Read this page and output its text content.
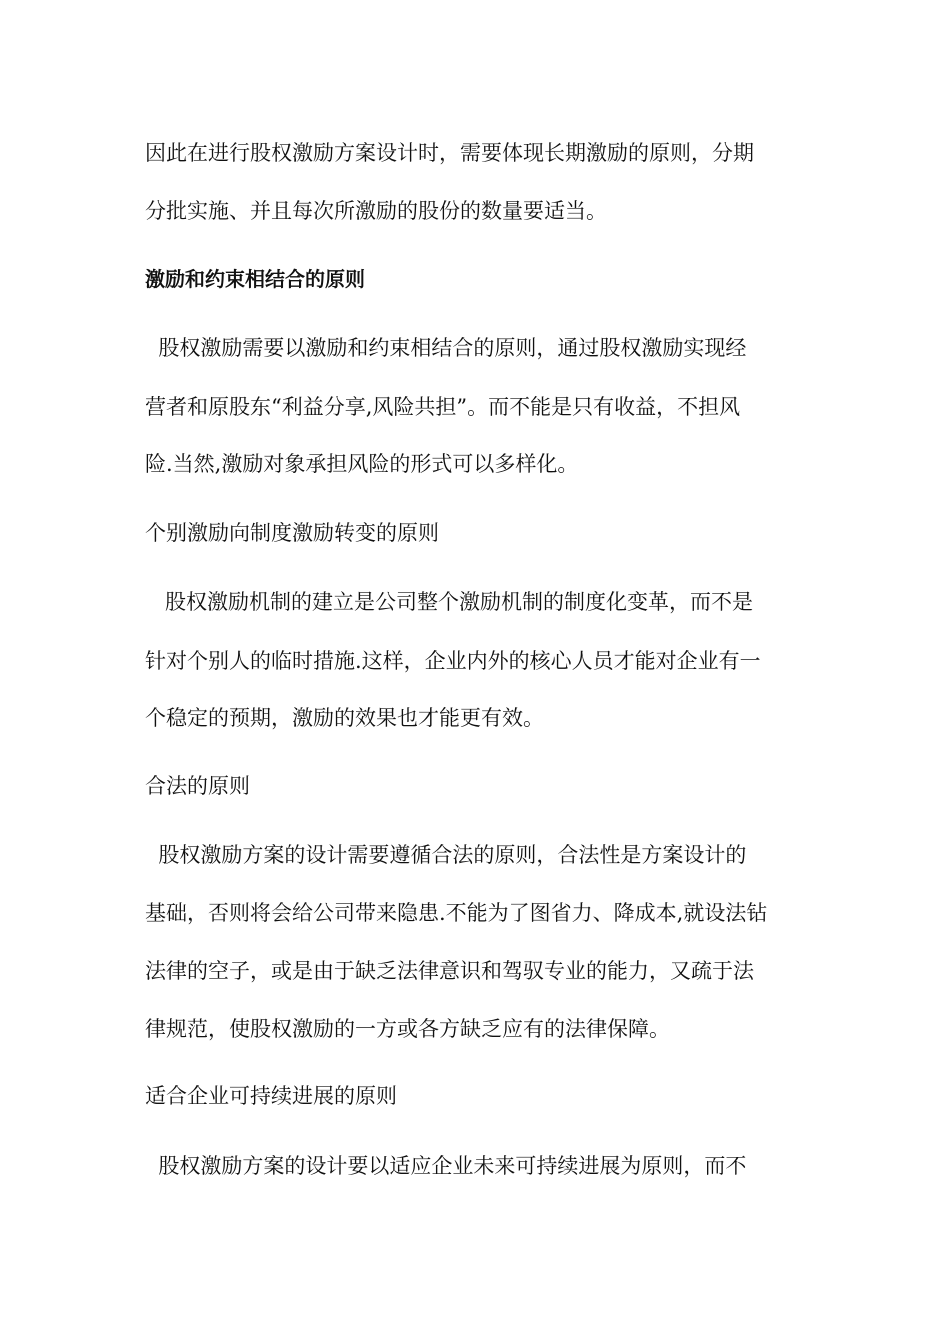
因此在进行股权激励方案设计时，需要体现长期激励的原则，分期
分批实施、并且每次所激励的股份的数量要适当。
激励和约束相结合的原则
股权激励需要以激励和约束相结合的原则，通过股权激励实现经
营者和原股东“利益分享,风险共担”。而不能是只有收益，不担风
险.当然,激励对象承担风险的形式可以多样化。
个别激励向制度激励转变的原则
股权激励机制的建立是公司整个激励机制的制度化变革，而不是
针对个别人的临时措施.这样，企业内外的核心人员才能对企业有一
个稳定的预期，激励的效果也才能更有效。
合法的原则
股权激励方案的设计需要遵循合法的原则，合法性是方案设计的
基础，否则将会给公司带来隐患.不能为了图省力、降成本,就设法钻
法律的空子，或是由于缺乏法律意识和驾驭专业的能力，又疏于法
律规范，使股权激励的一方或各方缺乏应有的法律保障。
适合企业可持续进展的原则
股权激励方案的设计要以适应企业未来可持续进展为原则，而不
